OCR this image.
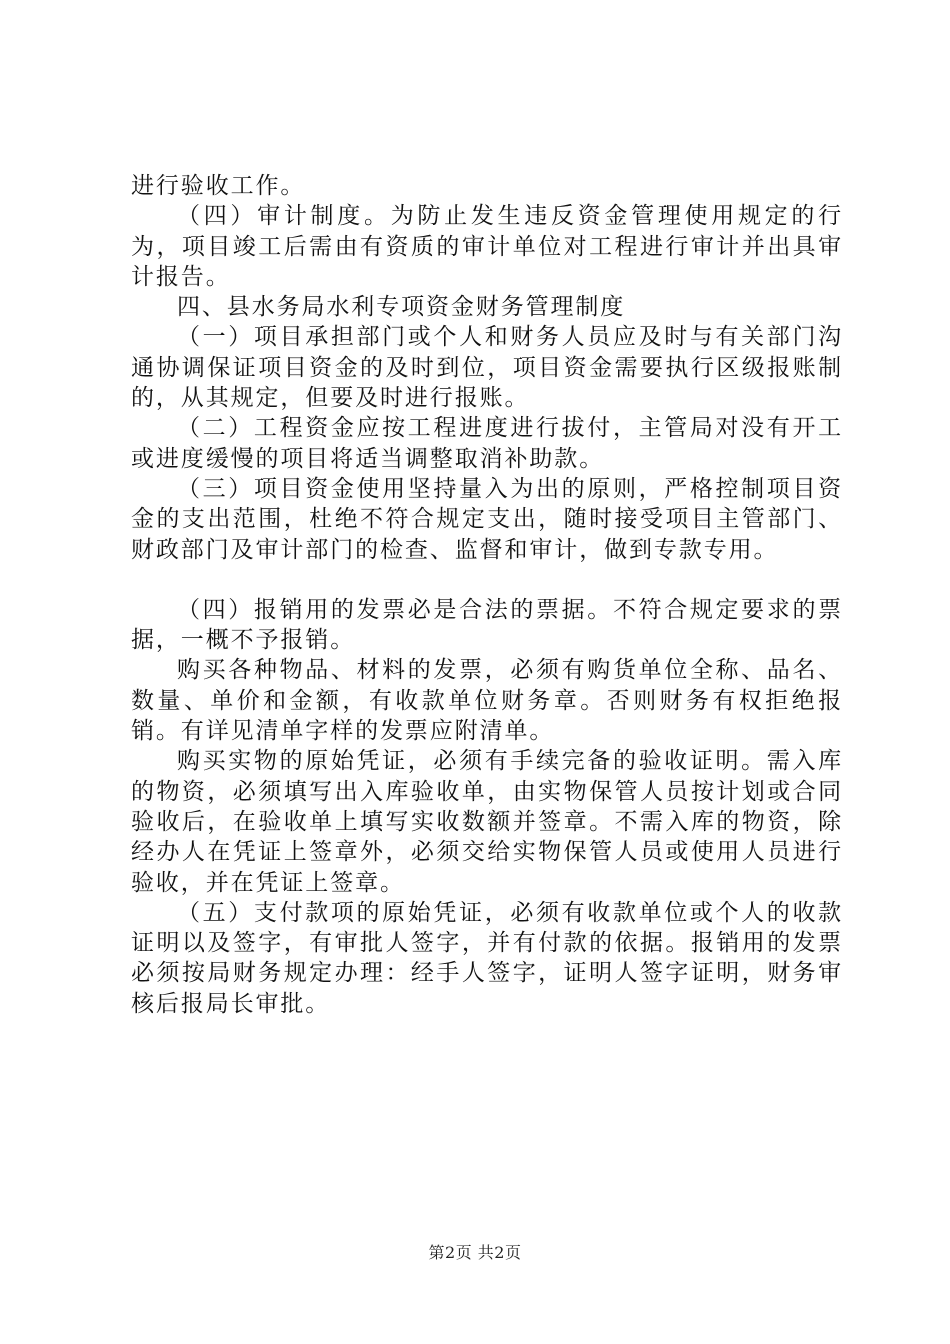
进行验收工作。

（四）审计制度。为防止发生违反资金管理使用规定的行为，项目竣工后需由有资质的审计单位对工程进行审计并出具审计报告。

四、县水务局水利专项资金财务管理制度

（一）项目承担部门或个人和财务人员应及时与有关部门沟通协调保证项目资金的及时到位，项目资金需要执行区级报账制的，从其规定，但要及时进行报账。

（二）工程资金应按工程进度进行拔付，主管局对没有开工或进度缓慢的项目将适当调整取消补助款。

（三）项目资金使用坚持量入为出的原则，严格控制项目资金的支出范围，杜绝不符合规定支出，随时接受项目主管部门、财政部门及审计部门的检查、监督和审计，做到专款专用。

（四）报销用的发票必是合法的票据。不符合规定要求的票据，一概不予报销。

购买各种物品、材料的发票，必须有购货单位全称、品名、数量、单价和金额，有收款单位财务章。否则财务有权拒绝报销。有详见清单字样的发票应附清单。

购买实物的原始凭证，必须有手续完备的验收证明。需入库的物资，必须填写出入库验收单，由实物保管人员按计划或合同验收后，在验收单上填写实收数额并签章。不需入库的物资，除经办人在凭证上签章外，必须交给实物保管人员或使用人员进行验收，并在凭证上签章。

（五）支付款项的原始凭证，必须有收款单位或个人的收款证明以及签字，有审批人签字，并有付款的依据。报销用的发票必须按局财务规定办理：经手人签字，证明人签字证明，财务审核后报局长审批。

第2页 共2页
